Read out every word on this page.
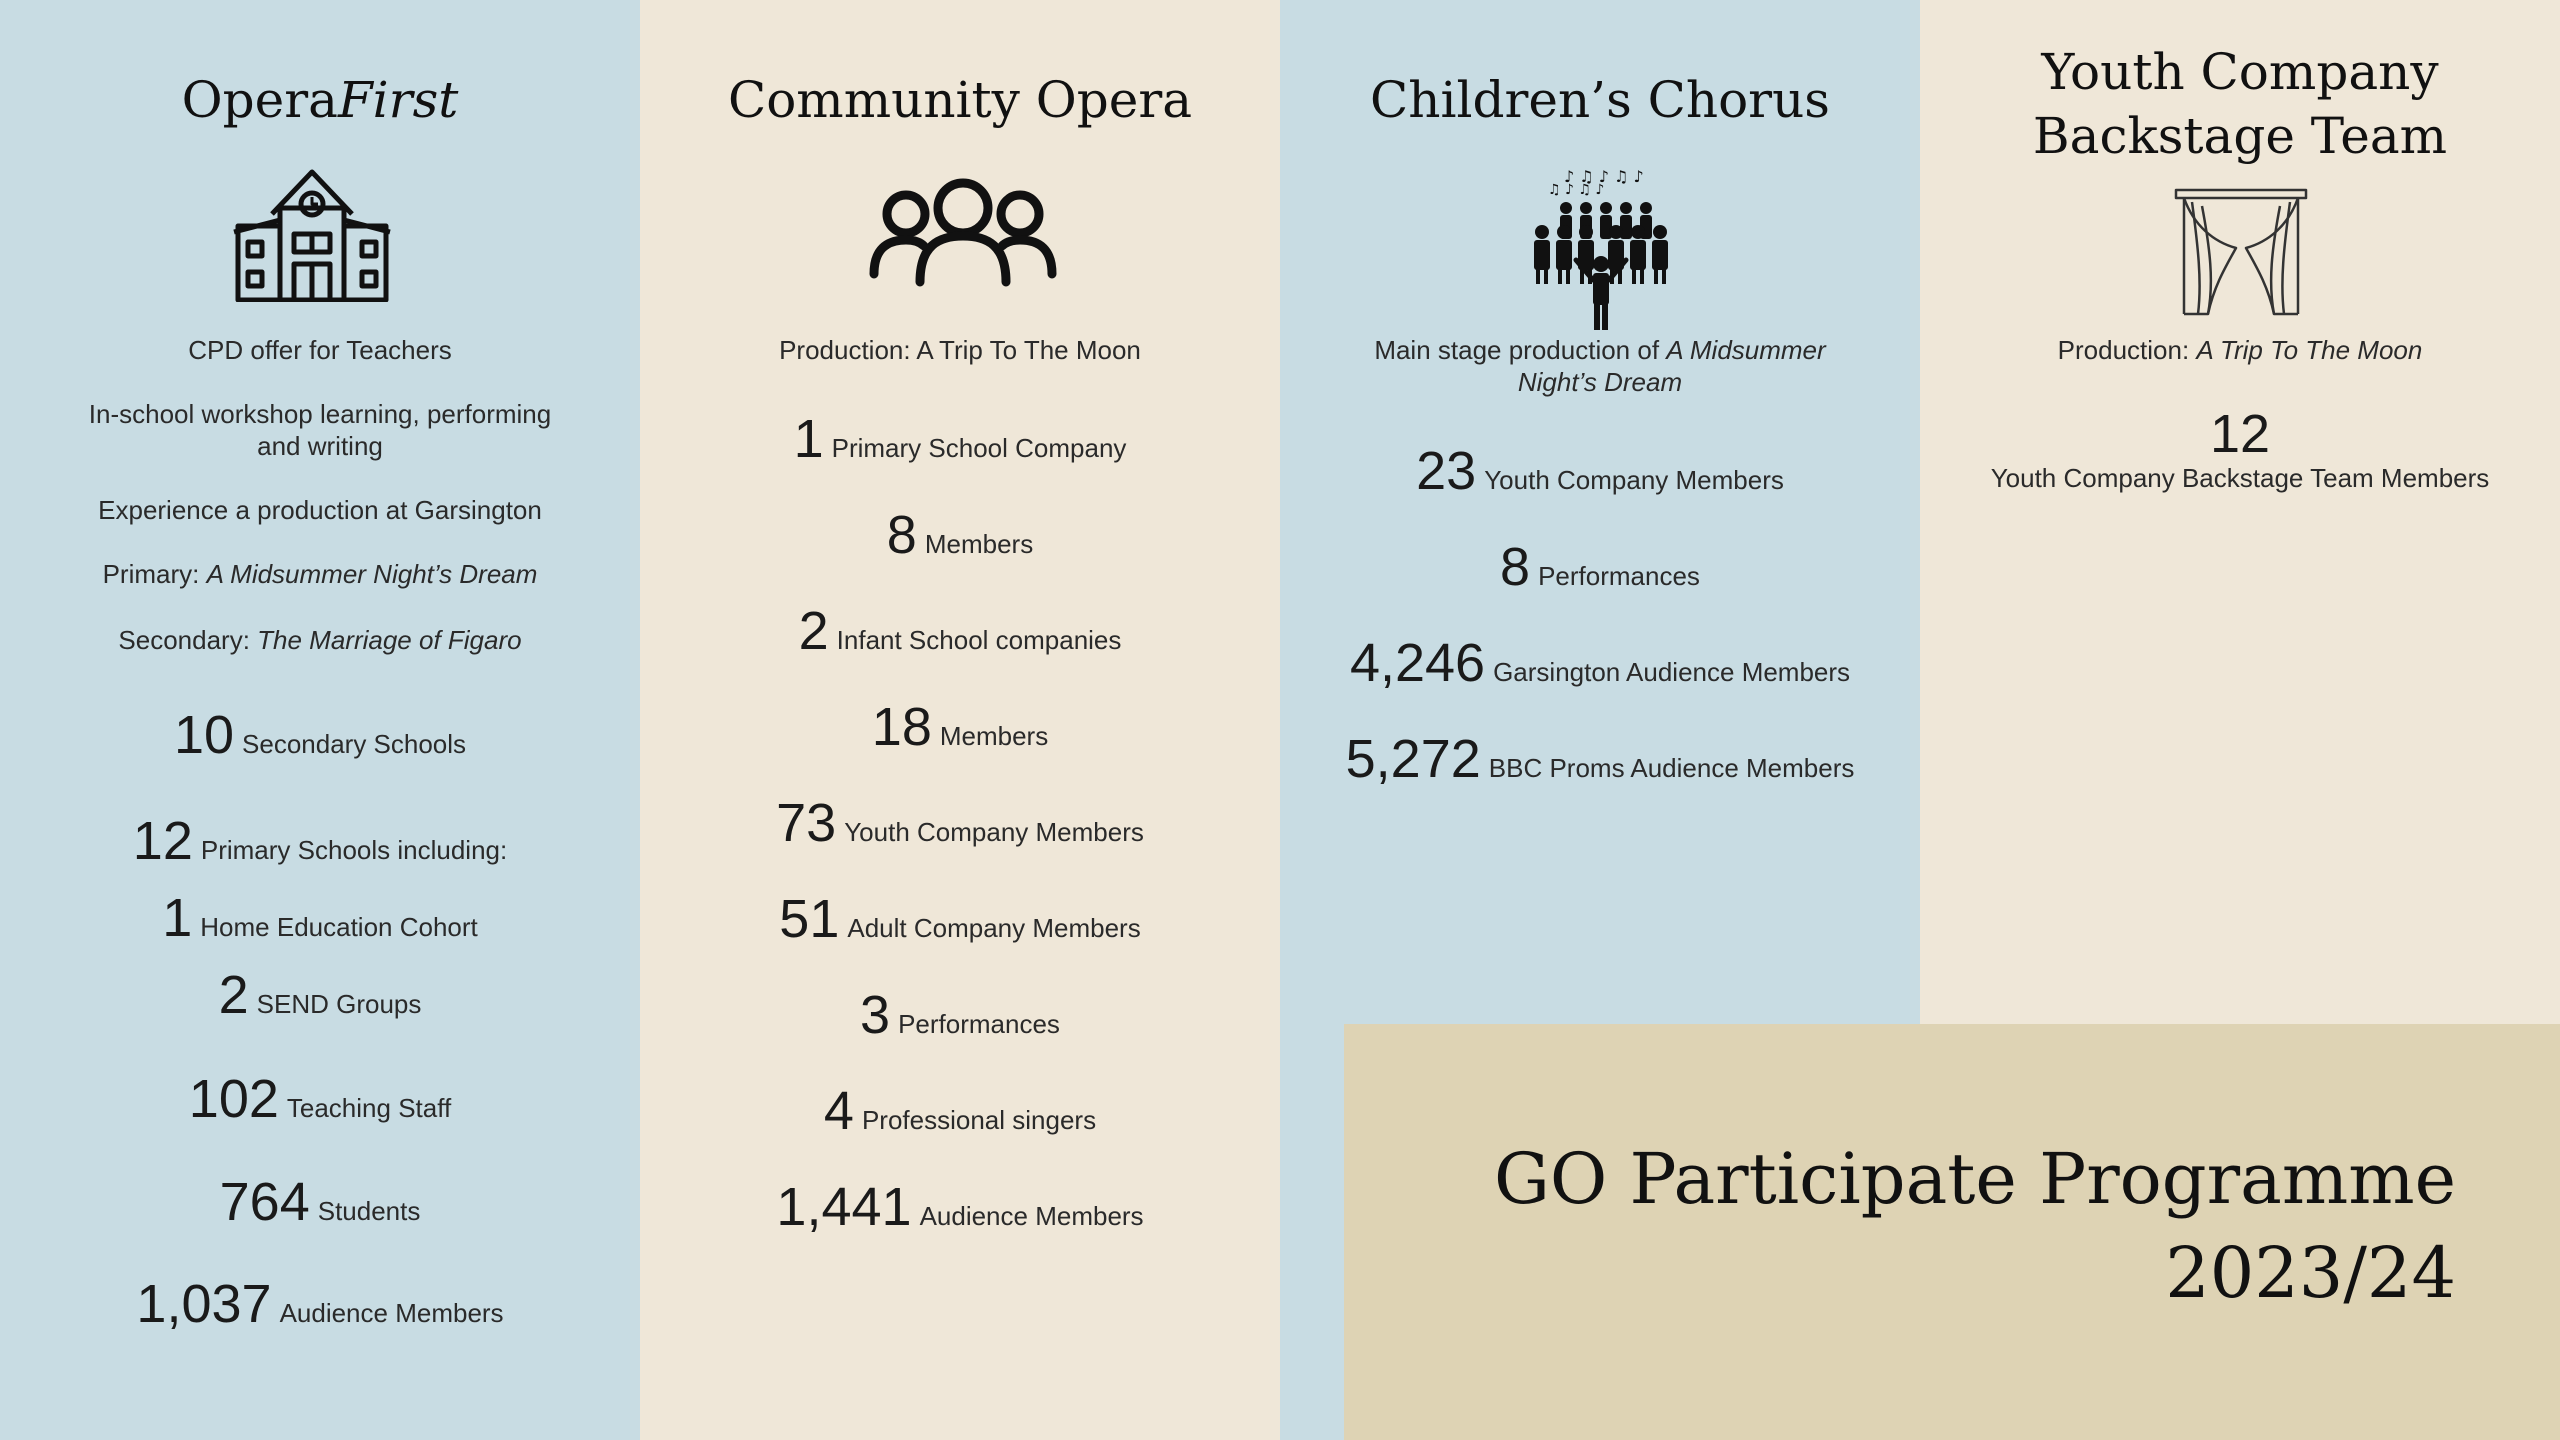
OperaFirst
CPD offer for Teachers
In-school workshop learning, performing
and writing
Experience a production at Garsington
Primary: A Midsummer Night’s Dream
Secondary: The Marriage of Figaro
10 Secondary Schools
12 Primary Schools including:
1 Home Education Cohort
2 SEND Groups
102 Teaching Staff
764 Students
1,037 Audience Members
Community Opera
Production: A Trip To The Moon
1 Primary School Company
8 Members
2 Infant School companies
18 Members
73 Youth Company Members
51 Adult Company Members
3 Performances
4 Professional singers
1,441 Audience Members
Children’s Chorus
♪ ♫ ♪ ♫ ♪
♫ ♪ ♫ ♪
Main stage production of A Midsummer
Night’s Dream
23 Youth Company Members
8 Performances
4,246 Garsington Audience Members
5,272 BBC Proms Audience Members
Youth Company
Backstage Team
Production: A Trip To The Moon
12
Youth Company Backstage Team Members
GO Participate Programme
2023/24
